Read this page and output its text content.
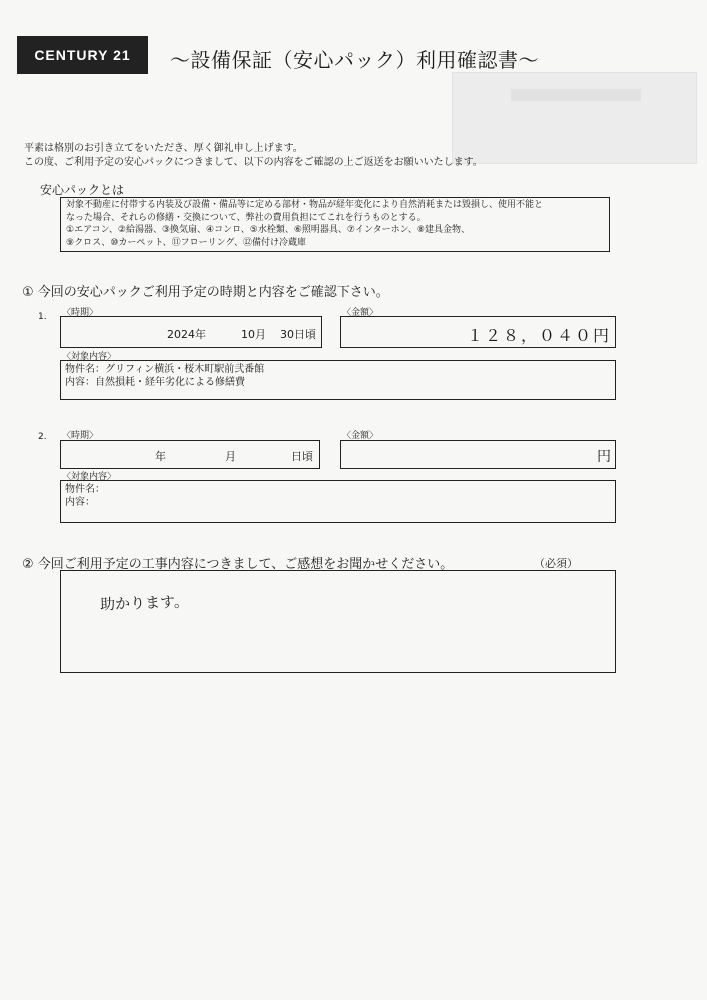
CENTURY 21	～設備保証（安心パック）利用確認書～
平素は格別のお引き立てをいただき、厚く御礼申し上げます。
この度、ご利用予定の安心パックにつきまして、以下の内容をご確認の上ご返送をお願いいたします。
安心パックとは
対象不動産に付帯する内装及び設備・備品等に定める部材・物品が経年変化により自然消耗または毀損し、使用不能と
なった場合、それらの修繕・交換について、弊社の費用負担にてこれを行うものとする。
①エアコン、②給湯器、③換気扇、④コンロ、⑤水栓類、⑥照明器具、⑦インターホン、⑧建具金物、
⑨クロス、⑩カーペット、⑪フローリング、⑫備付け冷蔵庫
① 今回の安心パックご利用予定の時期と内容をご確認下さい。
1. 〈時期〉
2024年	10月 30日頃
〈金額〉
１２８，０４０円
〈対象内容〉
物件名：グリフィン横浜・桜木町駅前弐番館
内容：自然損耗・経年劣化による修繕費
2. 〈時期〉
年	月	日頃
〈金額〉
円
〈対象内容〉
物件名：
内容：
② 今回ご利用予定の工事内容につきまして、ご感想をお聞かせください。	（必須）
助かります。
